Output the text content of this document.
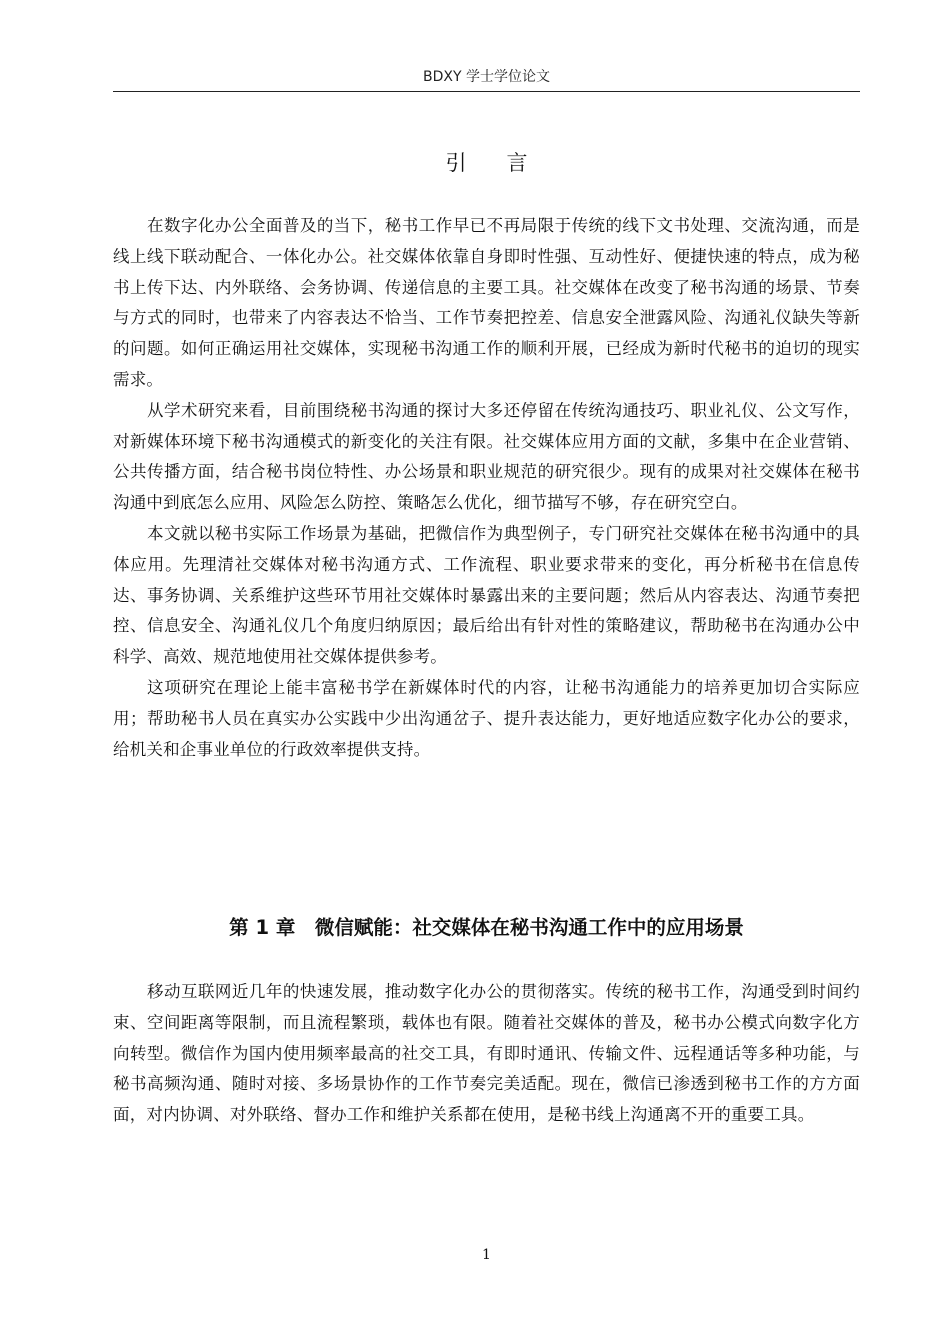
BDXY 学士学位论文
引言

在数字化办公全面普及的当下，秘书工作早已不再局限于传统的线下文书处理、交流沟通，而是线上线下联动配合、一体化办公。社交媒体依靠自身即时性强、互动性好、便捷快速的特点，成为秘书上传下达、内外联络、会务协调、传递信息的主要工具。社交媒体在改变了秘书沟通的场景、节奏与方式的同时，也带来了内容表达不恰当、工作节奏把控差、信息安全泄露风险、沟通礼仪缺失等新的问题。如何正确运用社交媒体，实现秘书沟通工作的顺利开展，已经成为新时代秘书的迫切的现实需求。

从学术研究来看，目前围绕秘书沟通的探讨大多还停留在传统沟通技巧、职业礼仪、公文写作，对新媒体环境下秘书沟通模式的新变化的关注有限。社交媒体应用方面的文献，多集中在企业营销、公共传播方面，结合秘书岗位特性、办公场景和职业规范的研究很少。现有的成果对社交媒体在秘书沟通中到底怎么应用、风险怎么防控、策略怎么优化，细节描写不够，存在研究空白。

本文就以秘书实际工作场景为基础，把微信作为典型例子，专门研究社交媒体在秘书沟通中的具体应用。先理清社交媒体对秘书沟通方式、工作流程、职业要求带来的变化，再分析秘书在信息传达、事务协调、关系维护这些环节用社交媒体时暴露出来的主要问题；然后从内容表达、沟通节奏把控、信息安全、沟通礼仪几个角度归纳原因；最后给出有针对性的策略建议，帮助秘书在沟通办公中科学、高效、规范地使用社交媒体提供参考。

这项研究在理论上能丰富秘书学在新媒体时代的内容，让秘书沟通能力的培养更加切合实际应用；帮助秘书人员在真实办公实践中少出沟通岔子、提升表达能力，更好地适应数字化办公的要求，给机关和企事业单位的行政效率提供支持。

第 1 章　微信赋能：社交媒体在秘书沟通工作中的应用场景

移动互联网近几年的快速发展，推动数字化办公的贯彻落实。传统的秘书工作，沟通受到时间约束、空间距离等限制，而且流程繁琐，载体也有限。随着社交媒体的普及，秘书办公模式向数字化方向转型。微信作为国内使用频率最高的社交工具，有即时通讯、传输文件、远程通话等多种功能，与秘书高频沟通、随时对接、多场景协作的工作节奏完美适配。现在，微信已渗透到秘书工作的方方面面，对内协调、对外联络、督办工作和维护关系都在使用，是秘书线上沟通离不开的重要工具。

1
